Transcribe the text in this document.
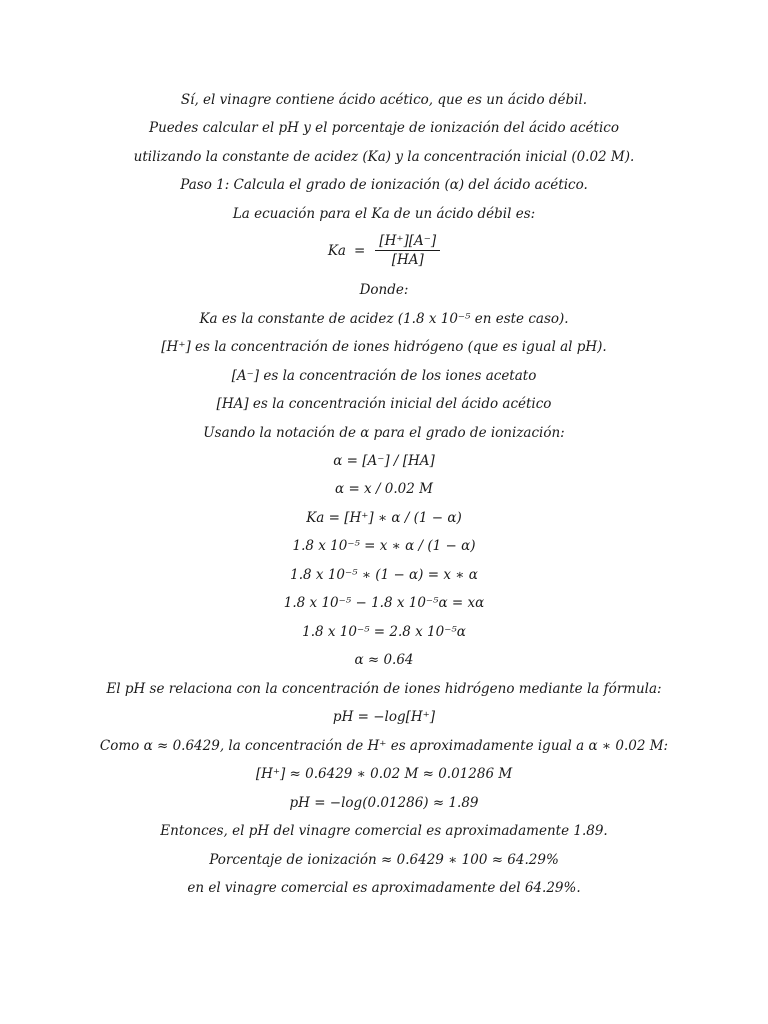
Sí, el vinagre contiene ácido acético, que es un ácido débil.
Puedes calcular el pH y el porcentaje de ionización del ácido acético
utilizando la constante de acidez (Ka) y la concentración inicial (0.02 M).
Paso 1: Calcula el grado de ionización (α) del ácido acético.
La ecuación para el Ka de un ácido débil es:
$Ka = \frac{[H^+][A^-]}{[HA]}$
Donde:
Ka es la constante de acidez (1.8 x 10⁻⁵ en este caso).
[H⁺] es la concentración de iones hidrógeno (que es igual al pH).
[A⁻] es la concentración de los iones acetato
[HA] es la concentración inicial del ácido acético
Usando la notación de α para el grado de ionización:
α = [A⁻] / [HA]
α = x / 0.02 M
Ka = [H⁺] ∗ α / (1 − α)
1.8 x 10⁻⁵ = x ∗ α / (1 − α)
1.8 x 10⁻⁵ ∗ (1 − α) = x ∗ α
1.8 x 10⁻⁵ − 1.8 x 10⁻⁵α = xα
1.8 x 10⁻⁵ = 2.8 x 10⁻⁵α
α ≈ 0.64
El pH se relaciona con la concentración de iones hidrógeno mediante la fórmula:
pH = −log[H⁺]
Como α ≈ 0.6429, la concentración de H⁺ es aproximadamente igual a α ∗ 0.02 M:
[H⁺] ≈ 0.6429 ∗ 0.02 M ≈ 0.01286 M
pH = −log(0.01286) ≈ 1.89
Entonces, el pH del vinagre comercial es aproximadamente 1.89.
Porcentaje de ionización ≈ 0.6429 ∗ 100 ≈ 64.29%
en el vinagre comercial es aproximadamente del 64.29%.
